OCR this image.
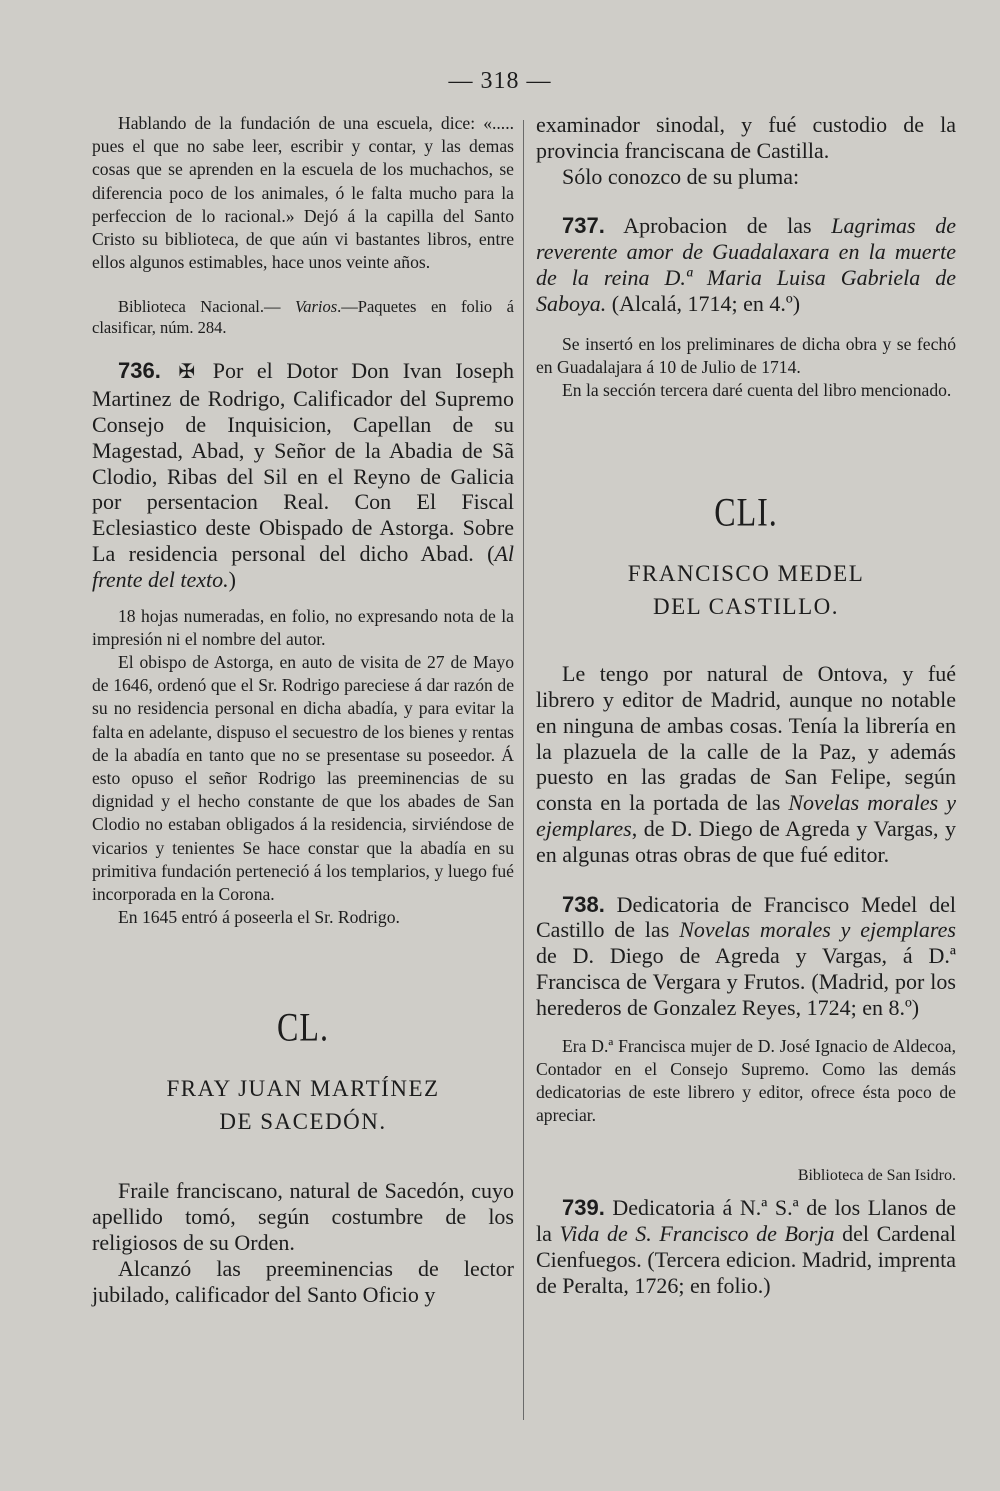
— 318 —

Hablando de la fundación de una escuela, dice: «..... pues el que no sabe leer, escribir y contar, y las demas cosas que se aprenden en la escuela de los muchachos, se diferencia poco de los animales, ó le falta mucho para la perfeccion de lo racional.» Dejó á la capilla del Santo Cristo su biblioteca, de que aún vi bastantes libros, entre ellos algunos estimables, hace unos veinte años.

Biblioteca Nacional.— Varios.—Paquetes en folio á clasificar, núm. 284.

736. ✠ Por el Dotor Don Ivan Ioseph Martinez de Rodrigo, Calificador del Supremo Consejo de Inquisicion, Capellan de su Magestad, Abad, y Señor de la Abadia de Sã Clodio, Ribas del Sil en el Reyno de Galicia por persentacion Real. Con El Fiscal Eclesiastico deste Obispado de Astorga. Sobre La residencia personal del dicho Abad. (Al frente del texto.)

18 hojas numeradas, en folio, no expresando nota de la impresión ni el nombre del autor.

El obispo de Astorga, en auto de visita de 27 de Mayo de 1646, ordenó que el Sr. Rodrigo pareciese á dar razón de su no residencia personal en dicha abadía, y para evitar la falta en adelante, dispuso el secuestro de los bienes y rentas de la abadía en tanto que no se presentase su poseedor. Á esto opuso el señor Rodrigo las preeminencias de su dignidad y el hecho constante de que los abades de San Clodio no estaban obligados á la residencia, sirviéndose de vicarios y tenientes Se hace constar que la abadía en su primitiva fundación perteneció á los templarios, y luego fué incorporada en la Corona.

En 1645 entró á poseerla el Sr. Rodrigo.

CL.
FRAY JUAN MARTÍNEZ
DE SACEDÓN.

Fraile franciscano, natural de Sacedón, cuyo apellido tomó, según costumbre de los religiosos de su Orden.

Alcanzó las preeminencias de lector jubilado, calificador del Santo Oficio y

examinador sinodal, y fué custodio de la provincia franciscana de Castilla.

Sólo conozco de su pluma:

737. Aprobacion de las Lagrimas de reverente amor de Guadalaxara en la muerte de la reina D.ª Maria Luisa Gabriela de Saboya. (Alcalá, 1714; en 4.º)

Se insertó en los preliminares de dicha obra y se fechó en Guadalajara á 10 de Julio de 1714.

En la sección tercera daré cuenta del libro mencionado.

CLI.
FRANCISCO MEDEL
DEL CASTILLO.

Le tengo por natural de Ontova, y fué librero y editor de Madrid, aunque no notable en ninguna de ambas cosas. Tenía la librería en la plazuela de la calle de la Paz, y además puesto en las gradas de San Felipe, según consta en la portada de las Novelas morales y ejemplares, de D. Diego de Agreda y Vargas, y en algunas otras obras de que fué editor.

738. Dedicatoria de Francisco Medel del Castillo de las Novelas morales y ejemplares de D. Diego de Agreda y Vargas, á D.ª Francisca de Vergara y Frutos. (Madrid, por los herederos de Gonzalez Reyes, 1724; en 8.º)

Era D.ª Francisca mujer de D. José Ignacio de Aldecoa, Contador en el Consejo Supremo. Como las demás dedicatorias de este librero y editor, ofrece ésta poco de apreciar.

Biblioteca de San Isidro.

739. Dedicatoria á N.ª S.ª de los Llanos de la Vida de S. Francisco de Borja del Cardenal Cienfuegos. (Tercera edicion. Madrid, imprenta de Peralta, 1726; en folio.)
